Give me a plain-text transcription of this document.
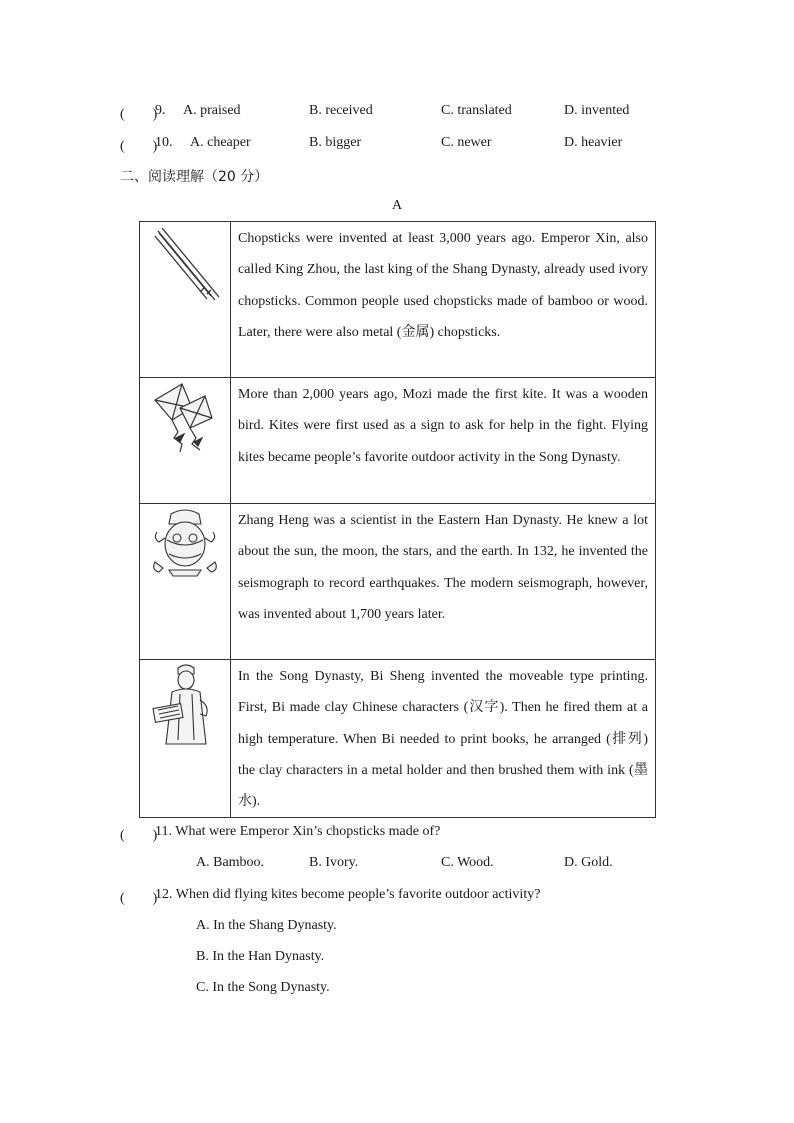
(　　)
9. A. praised	B. received	C. translated	D. invented
(　　)
10. A. cheaper	B. bigger	C. newer	D. heavier
二、阅读理解（20 分）
A

Chopsticks were invented at least 3,000 years ago. Emperor Xin, also called King Zhou, the last king of the Shang Dynasty, already used ivory chopsticks. Common people used chopsticks made of bamboo or wood. Later, there were also metal (金属) chopsticks.

More than 2,000 years ago, Mozi made the first kite. It was a wooden bird. Kites were first used as a sign to ask for help in the fight. Flying kites became people’s favorite outdoor activity in the Song Dynasty.

Zhang Heng was a scientist in the Eastern Han Dynasty. He knew a lot about the sun, the moon, the stars, and the earth. In 132, he invented the seismograph to record earthquakes. The modern seismograph, however, was invented about 1,700 years later.

In the Song Dynasty, Bi Sheng invented the moveable type printing. First, Bi made clay Chinese characters (汉字). Then he fired them at a high temperature. When Bi needed to print books, he arranged (排列) the clay characters in a metal holder and then brushed them with ink (墨水).
(　　)
11. What were Emperor Xin’s chopsticks made of?
A. Bamboo.	B. Ivory.	C. Wood.	D. Gold.
(　　)
12. When did flying kites become people’s favorite outdoor activity?
A. In the Shang Dynasty.
B. In the Han Dynasty.
C. In the Song Dynasty.
